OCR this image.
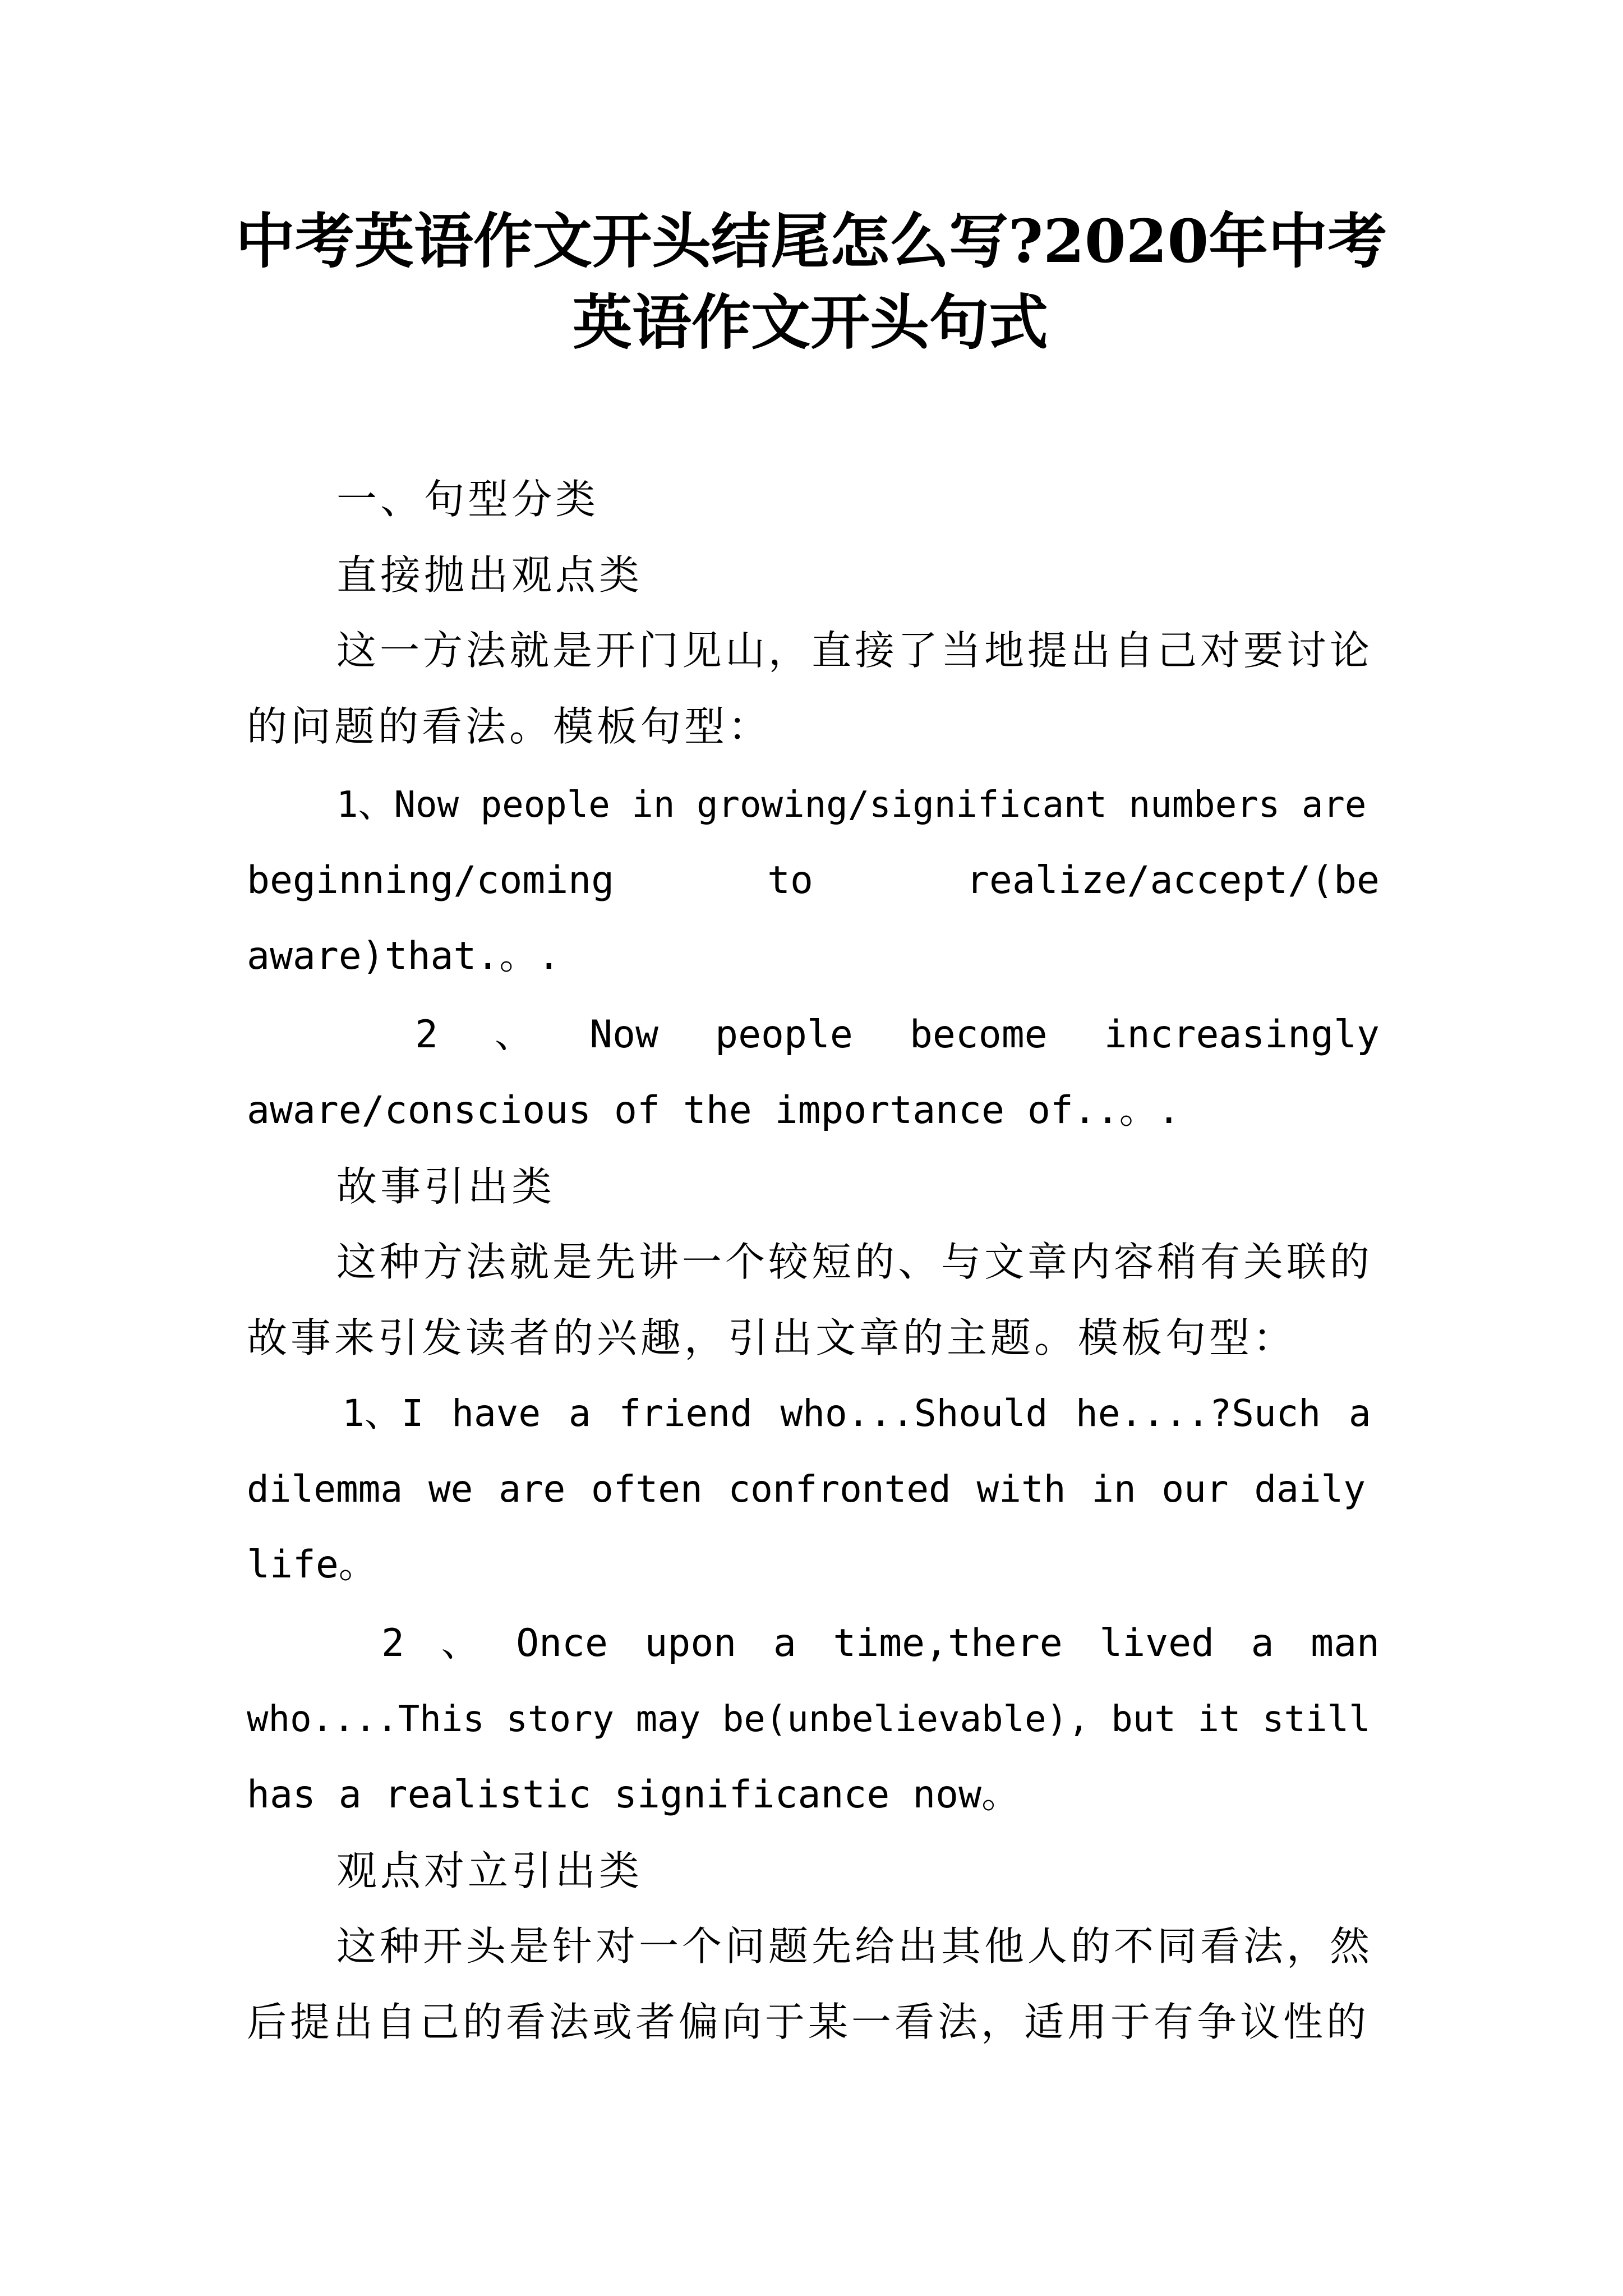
中考英语作文开头结尾怎么写?2020年中考
英语作文开头句式

一、句型分类

直接抛出观点类

这一方法就是开门见山，直接了当地提出自己对要讨论

的问题的看法。模板句型：

1、Now people in growing/significant numbers are

beginning/coming	to	realize/accept/(be

aware)that.。.

2 、 Now people become increasingly

aware/conscious of the importance of..。.

故事引出类

这种方法就是先讲一个较短的、与文章内容稍有关联的

故事来引发读者的兴趣，引出文章的主题。模板句型：

1、I have a friend who...Should he....?Such a

dilemma we are often confronted with in our daily

life。

2 、 Once upon a time,there lived a man

who....This story may be(unbelievable), but it still

has a realistic significance now。

观点对立引出类

这种开头是针对一个问题先给出其他人的不同看法，然

后提出自己的看法或者偏向于某一看法，适用于有争议性的
